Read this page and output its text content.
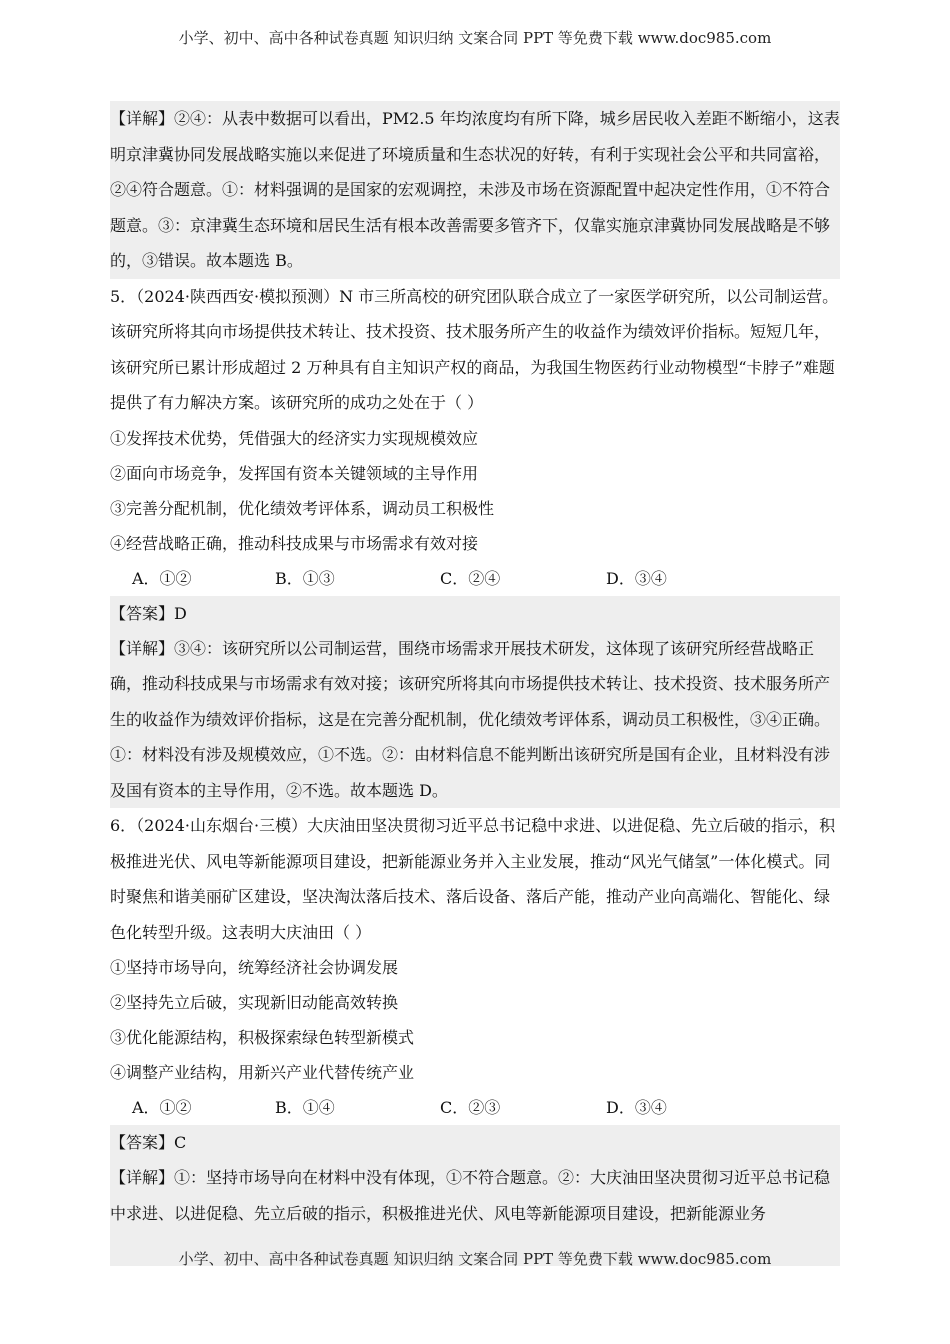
小学、初中、高中各种试卷真题 知识归纳 文案合同 PPT 等免费下载 www.doc985.com
【详解】②④：从表中数据可以看出，PM2.5 年均浓度均有所下降，城乡居民收入差距不断缩小，这表明京津冀协同发展战略实施以来促进了环境质量和生态状况的好转，有利于实现社会公平和共同富裕，②④符合题意。①：材料强调的是国家的宏观调控，未涉及市场在资源配置中起决定性作用，①不符合题意。③：京津冀生态环境和居民生活有根本改善需要多管齐下，仅靠实施京津冀协同发展战略是不够的，③错误。故本题选 B。
5．（2024·陕西西安·模拟预测）N 市三所高校的研究团队联合成立了一家医学研究所，以公司制运营。该研究所将其向市场提供技术转让、技术投资、技术服务所产生的收益作为绩效评价指标。短短几年，该研究所已累计形成超过 2 万种具有自主知识产权的商品，为我国生物医药行业动物模型“卡脖子”难题提供了有力解决方案。该研究所的成功之处在于（ ）
①发挥技术优势，凭借强大的经济实力实现规模效应
②面向市场竞争，发挥国有资本关键领域的主导作用
③完善分配机制，优化绩效考评体系，调动员工积极性
④经营战略正确，推动科技成果与市场需求有效对接
A．①②	B．①③	C．②④	D．③④
【答案】D
【详解】③④：该研究所以公司制运营，围绕市场需求开展技术研发，这体现了该研究所经营战略正确，推动科技成果与市场需求有效对接；该研究所将其向市场提供技术转让、技术投资、技术服务所产生的收益作为绩效评价指标，这是在完善分配机制，优化绩效考评体系，调动员工积极性，③④正确。①：材料没有涉及规模效应，①不选。②：由材料信息不能判断出该研究所是国有企业，且材料没有涉及国有资本的主导作用，②不选。故本题选 D。
6．（2024·山东烟台·三模）大庆油田坚决贯彻习近平总书记稳中求进、以进促稳、先立后破的指示，积极推进光伏、风电等新能源项目建设，把新能源业务并入主业发展，推动“风光气储氢”一体化模式。同时聚焦和谐美丽矿区建设，坚决淘汰落后技术、落后设备、落后产能，推动产业向高端化、智能化、绿色化转型升级。这表明大庆油田（ ）
①坚持市场导向，统筹经济社会协调发展
②坚持先立后破，实现新旧动能高效转换
③优化能源结构，积极探索绿色转型新模式
④调整产业结构，用新兴产业代替传统产业
A．①②	B．①④	C．②③	D．③④
【答案】C
【详解】①：坚持市场导向在材料中没有体现，①不符合题意。②：大庆油田坚决贯彻习近平总书记稳中求进、以进促稳、先立后破的指示，积极推进光伏、风电等新能源项目建设，把新能源业务
小学、初中、高中各种试卷真题 知识归纳 文案合同 PPT 等免费下载 www.doc985.com
